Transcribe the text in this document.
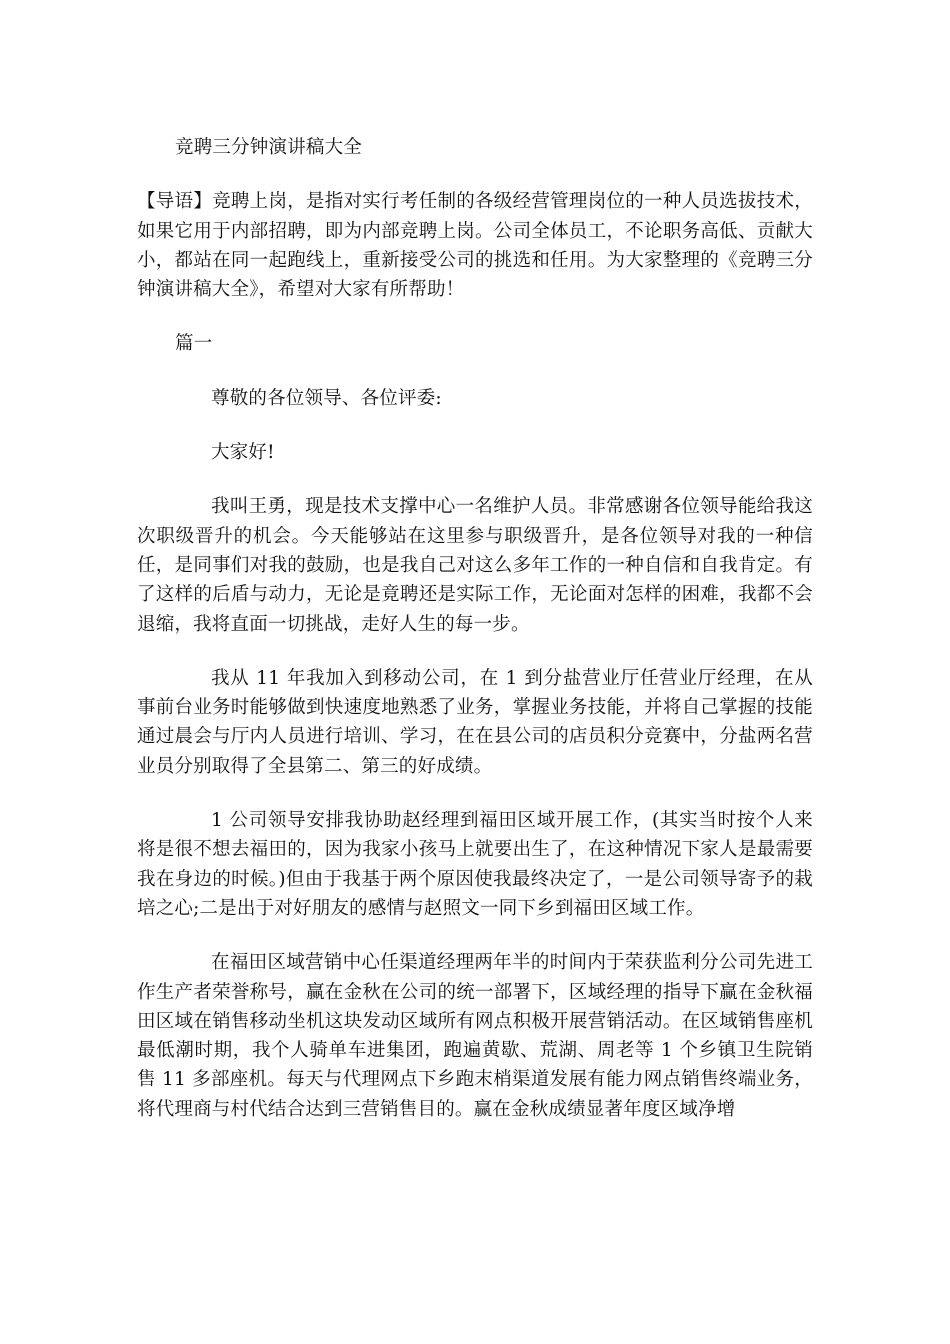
竞聘三分钟演讲稿大全

【导语】竞聘上岗，是指对实行考任制的各级经营管理岗位的一种人员选拔技术，如果它用于内部招聘，即为内部竞聘上岗。公司全体员工，不论职务高低、贡献大小，都站在同一起跑线上，重新接受公司的挑选和任用。为大家整理的《竞聘三分钟演讲稿大全》，希望对大家有所帮助！

篇一

尊敬的各位领导、各位评委:

大家好!

我叫王勇，现是技术支撑中心一名维护人员。非常感谢各位领导能给我这次职级晋升的机会。今天能够站在这里参与职级晋升，是各位领导对我的一种信任，是同事们对我的鼓励，也是我自己对这么多年工作的一种自信和自我肯定。有了这样的后盾与动力，无论是竟聘还是实际工作，无论面对怎样的困难，我都不会退缩，我将直面一切挑战，走好人生的每一步。

我从 11 年我加入到移动公司，在 1 到分盐营业厅任营业厅经理，在从事前台业务时能够做到快速度地熟悉了业务，掌握业务技能，并将自己掌握的技能通过晨会与厅内人员进行培训、学习，在在县公司的店员积分竞赛中，分盐两名营业员分别取得了全县第二、第三的好成绩。

1 公司领导安排我协助赵经理到福田区域开展工作，(其实当时按个人来将是很不想去福田的，因为我家小孩马上就要出生了，在这种情况下家人是最需要我在身边的时候。)但由于我基于两个原因使我最终决定了，一是公司领导寄予的栽培之心;二是出于对好朋友的感情与赵照文一同下乡到福田区域工作。

在福田区域营销中心任渠道经理两年半的时间内于荣获监利分公司先进工作生产者荣誉称号，赢在金秋在公司的统一部署下，区域经理的指导下赢在金秋福田区域在销售移动坐机这块发动区域所有网点积极开展营销活动。在区域销售座机最低潮时期，我个人骑单车进集团，跑遍黄歇、荒湖、周老等 1 个乡镇卫生院销售 11 多部座机。每天与代理网点下乡跑末梢渠道发展有能力网点销售终端业务，将代理商与村代结合达到三营销售目的。赢在金秋成绩显著年度区域净增
